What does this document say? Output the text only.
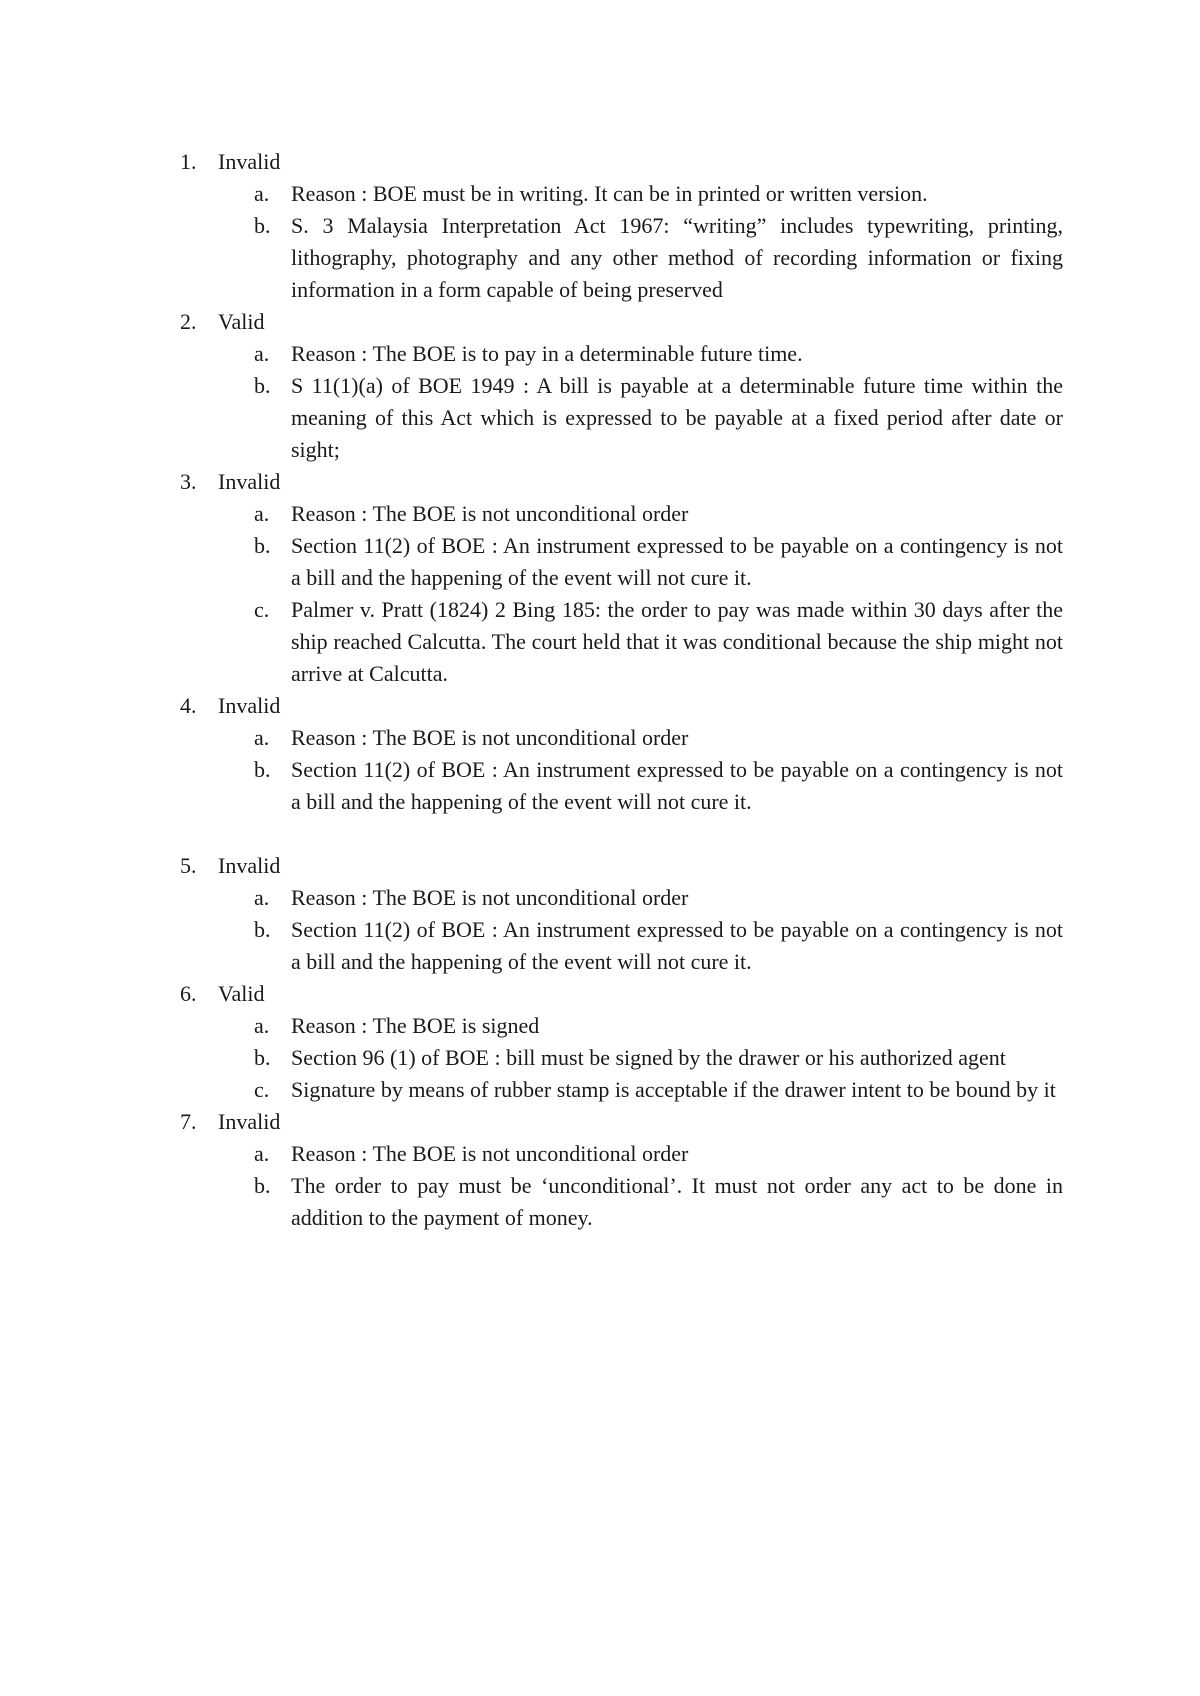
1. Invalid
a. Reason : BOE must be in writing. It can be in printed or written version.
b. S. 3 Malaysia Interpretation Act 1967: “writing” includes typewriting, printing, lithography, photography and any other method of recording information or fixing information in a form capable of being preserved
2. Valid
a. Reason : The BOE is to pay in a determinable future time.
b. S 11(1)(a) of BOE 1949 : A bill is payable at a determinable future time within the meaning of this Act which is expressed to be payable at a fixed period after date or sight;
3. Invalid
a. Reason : The BOE is not unconditional order
b. Section 11(2) of BOE : An instrument expressed to be payable on a contingency is not a bill and the happening of the event will not cure it.
c. Palmer v. Pratt (1824) 2 Bing 185: the order to pay was made within 30 days after the ship reached Calcutta. The court held that it was conditional because the ship might not arrive at Calcutta.
4. Invalid
a. Reason : The BOE is not unconditional order
b. Section 11(2) of BOE : An instrument expressed to be payable on a contingency is not a bill and the happening of the event will not cure it.
5. Invalid
a. Reason : The BOE is not unconditional order
b. Section 11(2) of BOE : An instrument expressed to be payable on a contingency is not a bill and the happening of the event will not cure it.
6. Valid
a. Reason : The BOE is signed
b. Section 96 (1) of BOE : bill must be signed by the drawer or his authorized agent
c. Signature by means of rubber stamp is acceptable if the drawer intent to be bound by it
7. Invalid
a. Reason : The BOE is not unconditional order
b. The order to pay must be ‘unconditional’. It must not order any act to be done in addition to the payment of money.
